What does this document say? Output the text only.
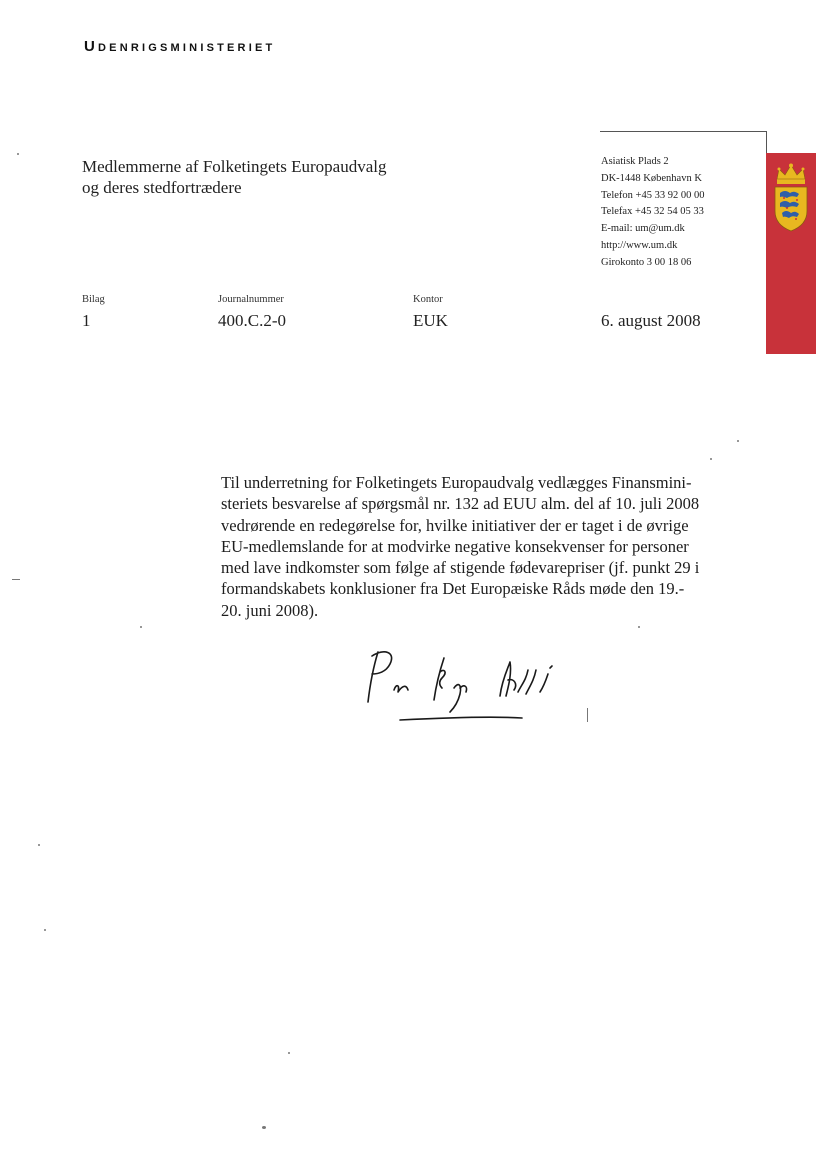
Udenrigsministeriet
Medlemmerne af Folketingets Europaudvalg
og deres stedfortrædere
Asiatisk Plads 2
DK-1448 København K
Telefon +45 33 92 00 00
Telefax +45 32 54 05 33
E-mail: um@um.dk
http://www.um.dk
Girokonto 3 00 18 06
Bilag	Journalnummer	Kontor
1	400.C.2-0	EUK	6. august 2008
Til underretning for Folketingets Europaudvalg vedlægges Finansmini-
steriets besvarelse af spørgsmål nr. 132 ad EUU alm. del af 10. juli 2008
vedrørende en redegørelse for, hvilke initiativer der er taget i de øvrige
EU-medlemslande for at modvirke negative konsekvenser for personer
med lave indkomster som følge af stigende fødevarepriser (jf. punkt 29 i
formandskabets konklusioner fra Det Europæiske Råds møde den 19.-
20. juni 2008).
